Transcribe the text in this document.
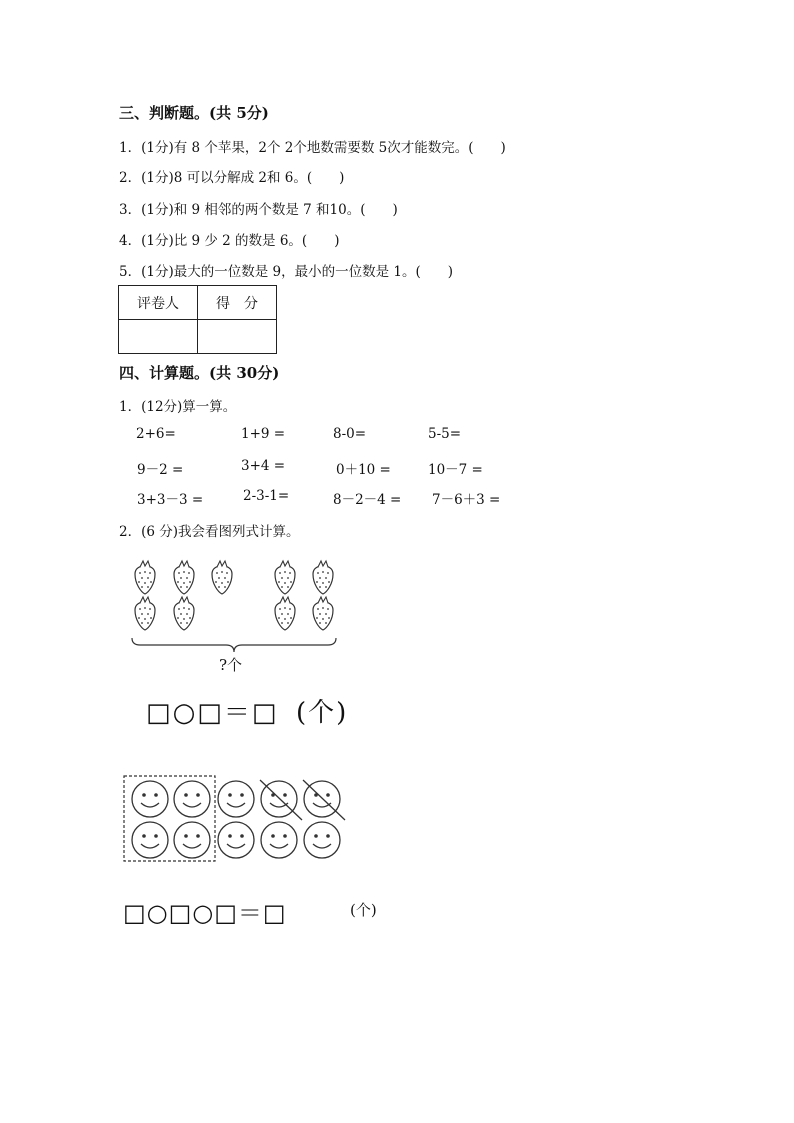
三、判断题。(共 5分)
1．(1分)有 8 个苹果，2个 2个地数需要数 5次才能数完。(　　)
2．(1分)8 可以分解成 2和 6。(　　)
3．(1分)和 9 相邻的两个数是 7 和10。(　　)
4．(1分)比 9 少 2 的数是 6。(　　)
5．(1分)最大的一位数是 9，最小的一位数是 1。(　　)
评卷人	得　分

四、计算题。(共 30分)
1．(12分)算一算。
2+6=	1+9 =	8-0=	5-5=
9－2 =	3+4 =	0＋10 =	10－7 =
3+3－3 =	2-3-1=	8－2－4 = 7－6＋3 =
2．(6 分)我会看图列式计算。
?个
□○□＝□ (个)
□○□○□＝□	(个)
